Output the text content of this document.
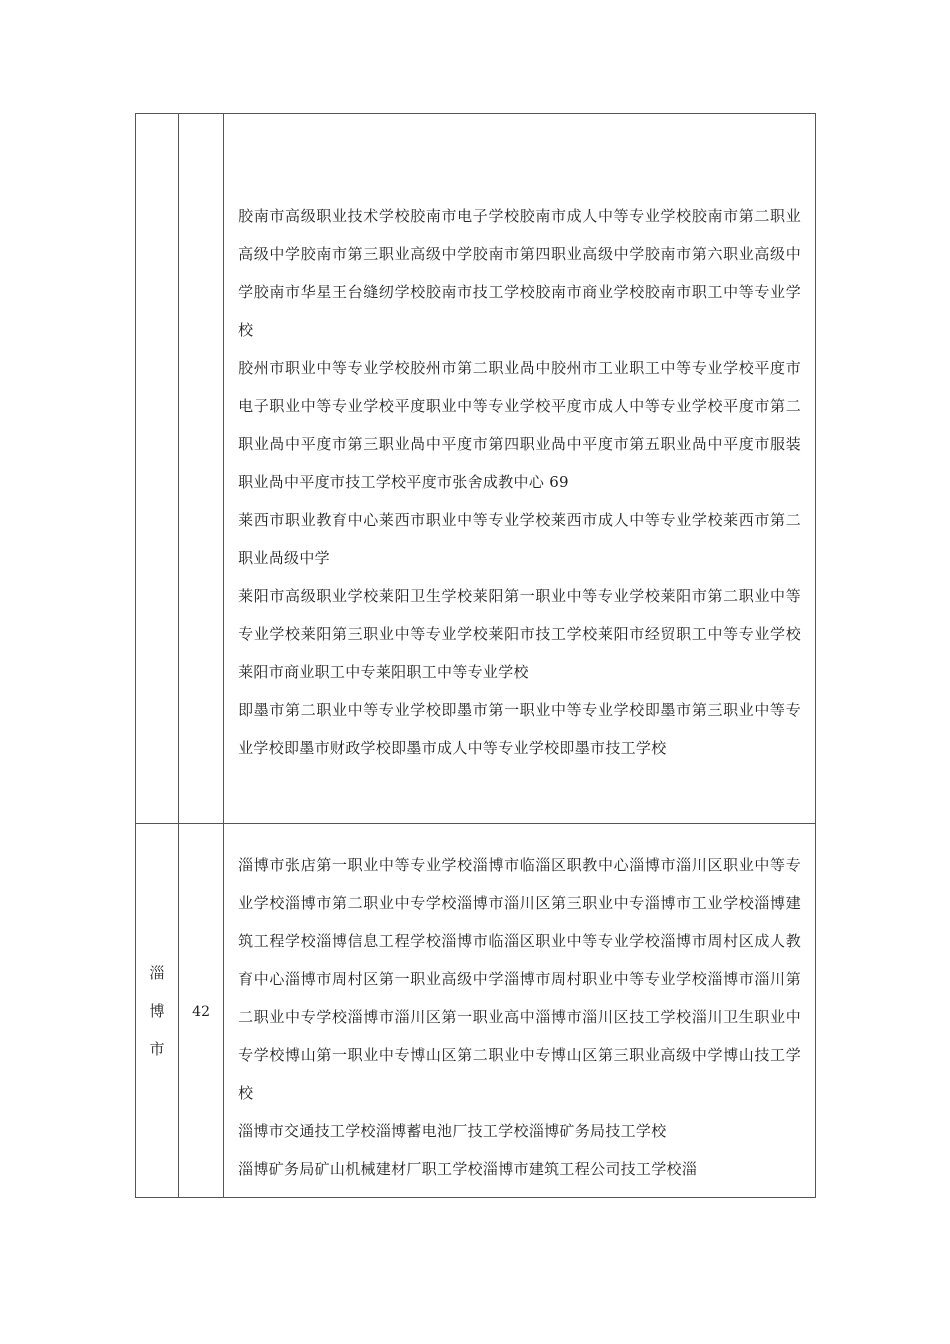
		胶南市高级职业技术学校胶南市电子学校胶南市成人中等专业学校胶南市第二职业高级中学胶南市第三职业高级中学胶南市第四职业高级中学胶南市第六职业高级中学胶南市华星王台缝纫学校胶南市技工学校胶南市商业学校胶南市职工中等专业学校

胶州市职业中等专业学校胶州市第二职业咼中胶州市工业职工中等专业学校平度市电子职业中等专业学校平度职业中等专业学校平度市成人中等专业学校平度市第二职业咼中平度市第三职业咼中平度市第四职业咼中平度市第五职业咼中平度市服装职业咼中平度市技工学校平度市张舍成教中心 69

莱西市职业教育中心莱西市职业中等专业学校莱西市成人中等专业学校莱西市第二职业咼级中学

莱阳市高级职业学校莱阳卫生学校莱阳第一职业中等专业学校莱阳市第二职业中等专业学校莱阳第三职业中等专业学校莱阳市技工学校莱阳市经贸职工中等专业学校莱阳市商业职工中专莱阳职工中等专业学校

即墨市第二职业中等专业学校即墨市第一职业中等专业学校即墨市第三职业中等专业学校即墨市财政学校即墨市成人中等专业学校即墨市技工学校

淄博市	42	淄博市张店第一职业中等专业学校淄博市临淄区职教中心淄博市淄川区职业中等专业学校淄博市第二职业中专学校淄博市淄川区第三职业中专淄博市工业学校淄博建筑工程学校淄博信息工程学校淄博市临淄区职业中等专业学校淄博市周村区成人教育中心淄博市周村区第一职业高级中学淄博市周村职业中等专业学校淄博市淄川第二职业中专学校淄博市淄川区第一职业高中淄博市淄川区技工学校淄川卫生职业中专学校博山第一职业中专博山区第二职业中专博山区第三职业高级中学博山技工学校

淄博市交通技工学校淄博蓄电池厂技工学校淄博矿务局技工学校

淄博矿务局矿山机械建材厂职工学校淄博市建筑工程公司技工学校淄
